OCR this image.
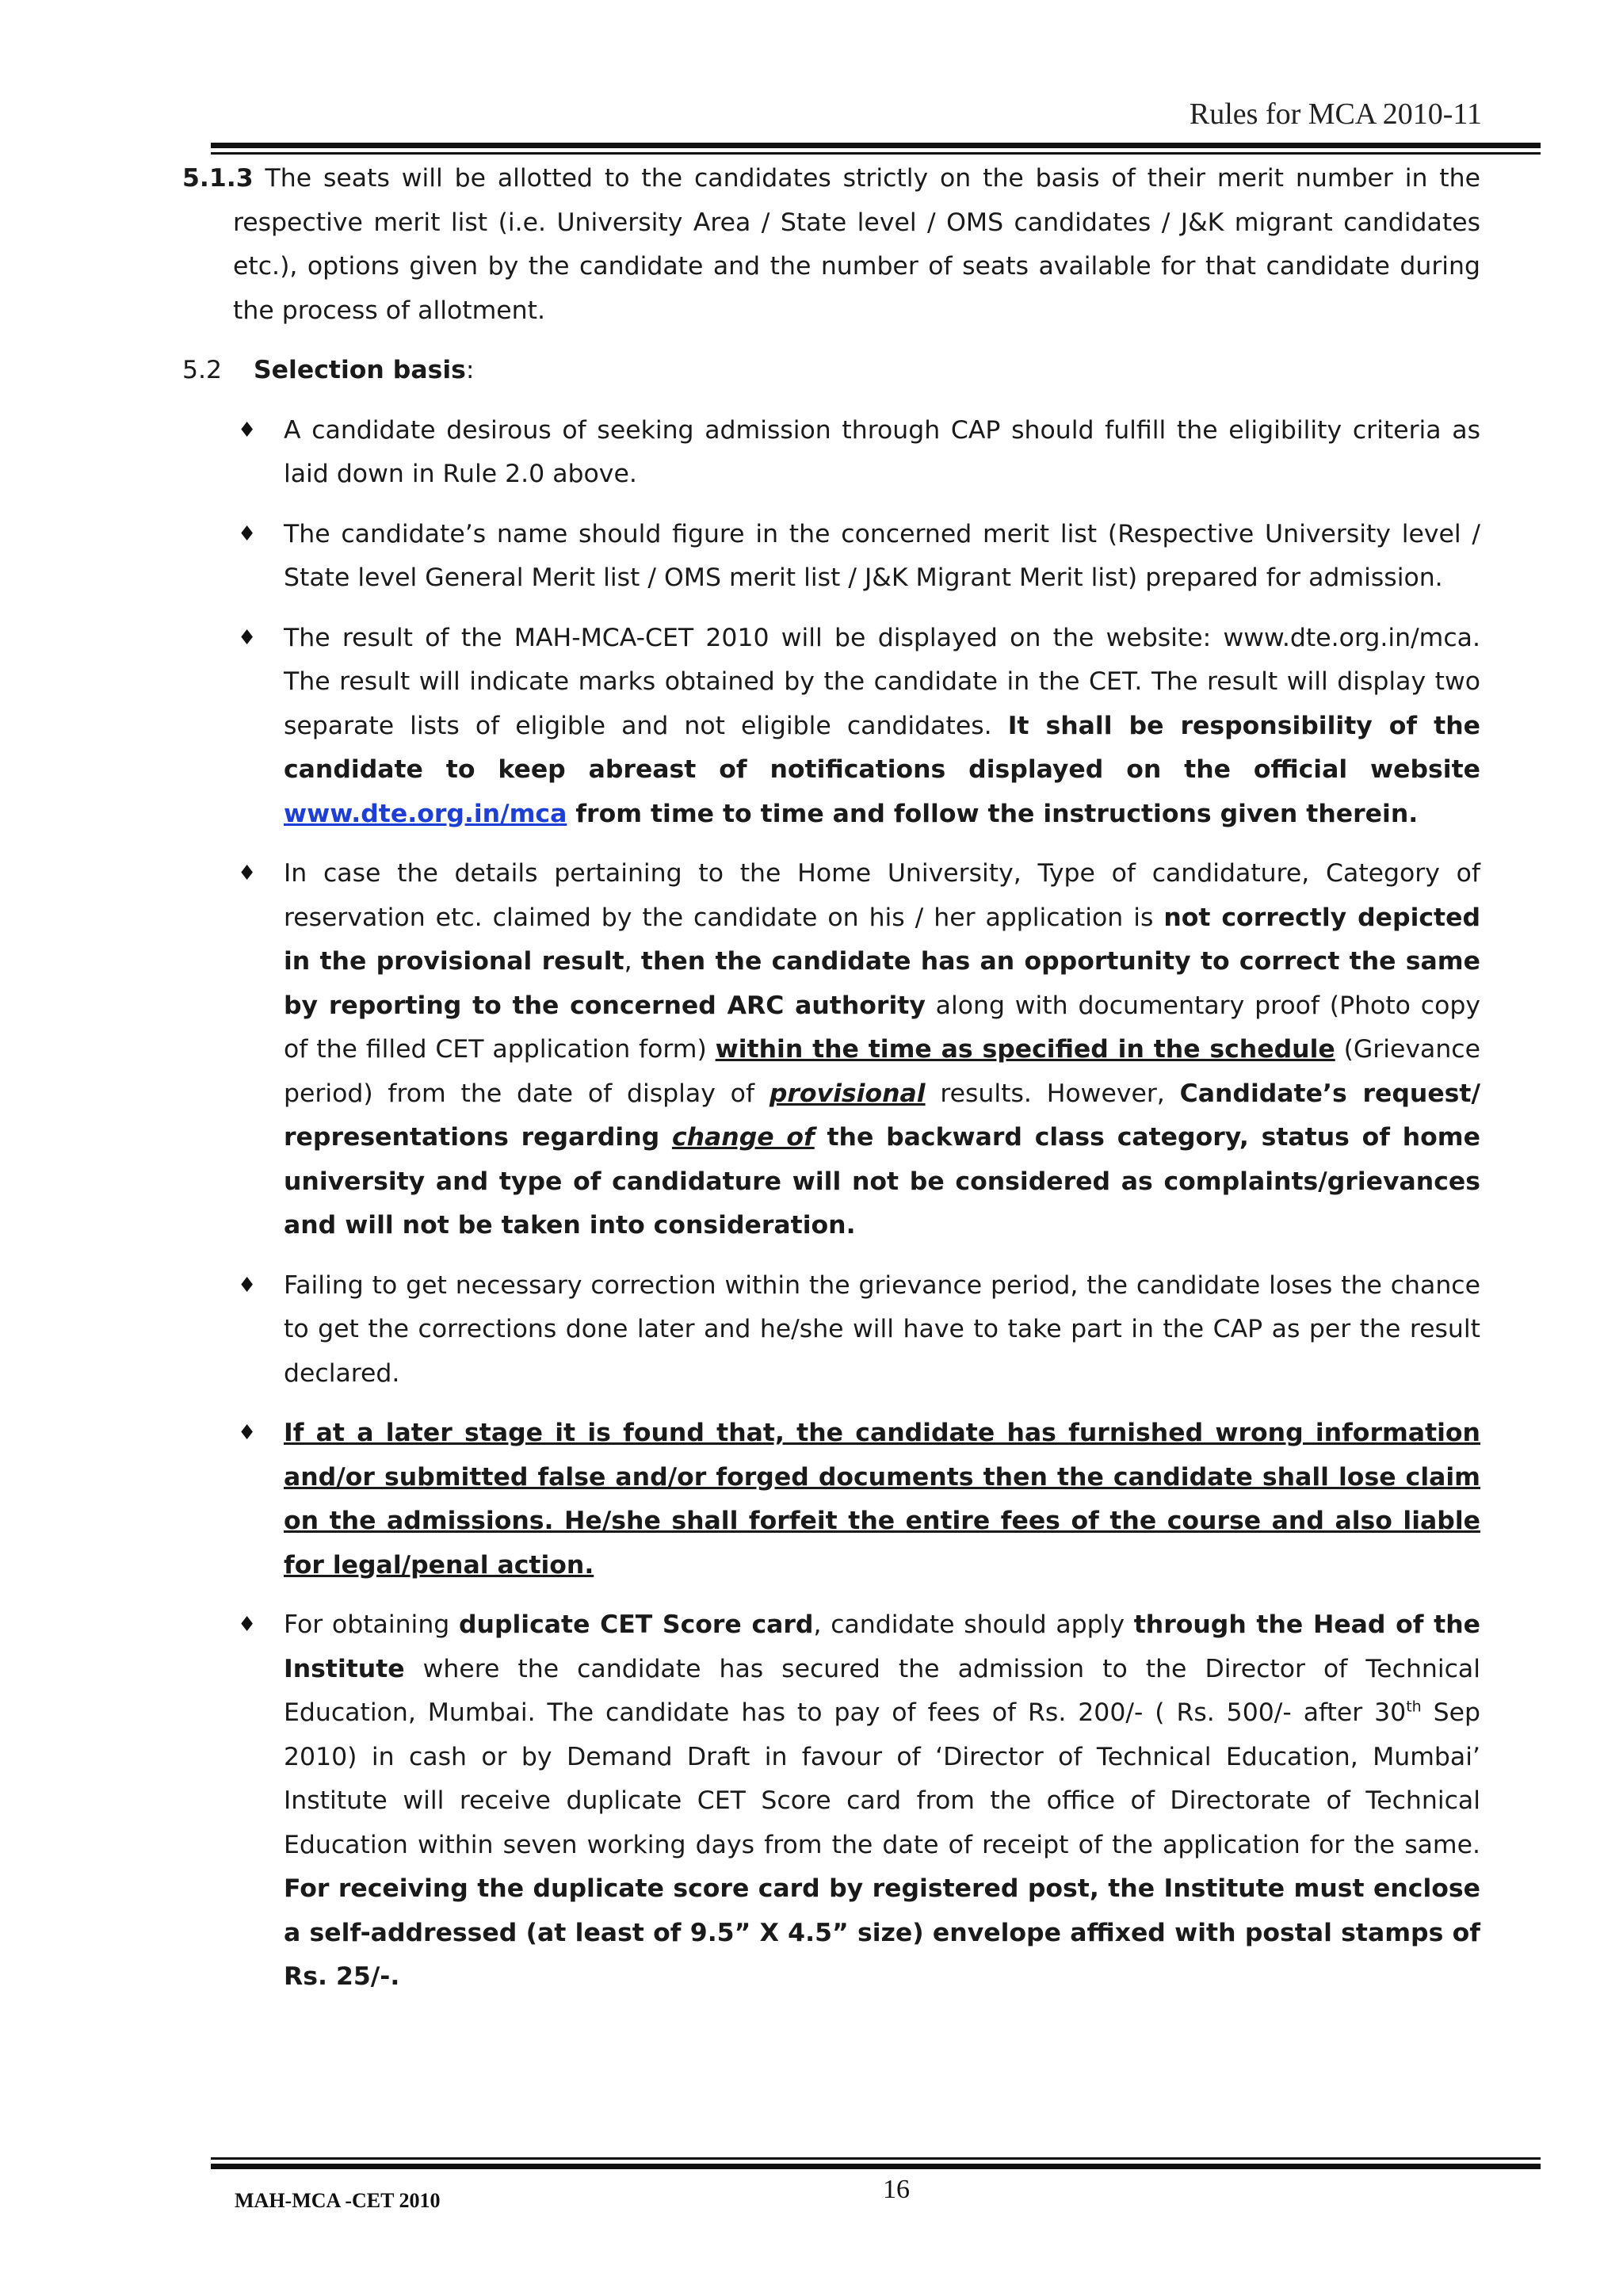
Rules for MCA 2010-11

5.1.3 The seats will be allotted to the candidates strictly on the basis of their merit number in the respective merit list (i.e. University Area / State level / OMS candidates / J&K migrant candidates etc.), options given by the candidate and the number of seats available for that candidate during the process of allotment.

5.2 Selection basis:

♦ A candidate desirous of seeking admission through CAP should fulfill the eligibility criteria as laid down in Rule 2.0 above.
♦ The candidate’s name should figure in the concerned merit list (Respective University level / State level General Merit list / OMS merit list / J&K Migrant Merit list) prepared for admission.
♦ The result of the MAH-MCA-CET 2010 will be displayed on the website: www.dte.org.in/mca. The result will indicate marks obtained by the candidate in the CET. The result will display two separate lists of eligible and not eligible candidates. It shall be responsibility of the candidate to keep abreast of notifications displayed on the official website www.dte.org.in/mca from time to time and follow the instructions given therein.
♦ In case the details pertaining to the Home University, Type of candidature, Category of reservation etc. claimed by the candidate on his / her application is not correctly depicted in the provisional result, then the candidate has an opportunity to correct the same by reporting to the concerned ARC authority along with documentary proof (Photo copy of the filled CET application form) within the time as specified in the schedule (Grievance period) from the date of display of provisional results. However, Candidate’s request/ representations regarding change of the backward class category, status of home university and type of candidature will not be considered as complaints/grievances and will not be taken into consideration.
♦ Failing to get necessary correction within the grievance period, the candidate loses the chance to get the corrections done later and he/she will have to take part in the CAP as per the result declared.
♦ If at a later stage it is found that, the candidate has furnished wrong information and/or submitted false and/or forged documents then the candidate shall lose claim on the admissions. He/she shall forfeit the entire fees of the course and also liable for legal/penal action.
♦ For obtaining duplicate CET Score card, candidate should apply through the Head of the Institute where the candidate has secured the admission to the Director of Technical Education, Mumbai. The candidate has to pay of fees of Rs. 200/- ( Rs. 500/- after 30th Sep 2010) in cash or by Demand Draft in favour of ‘Director of Technical Education, Mumbai’ Institute will receive duplicate CET Score card from the office of Directorate of Technical Education within seven working days from the date of receipt of the application for the same. For receiving the duplicate score card by registered post, the Institute must enclose a self-addressed (at least of 9.5” X 4.5” size) envelope affixed with postal stamps of Rs. 25/-.
MAH-MCA -CET 2010	16
